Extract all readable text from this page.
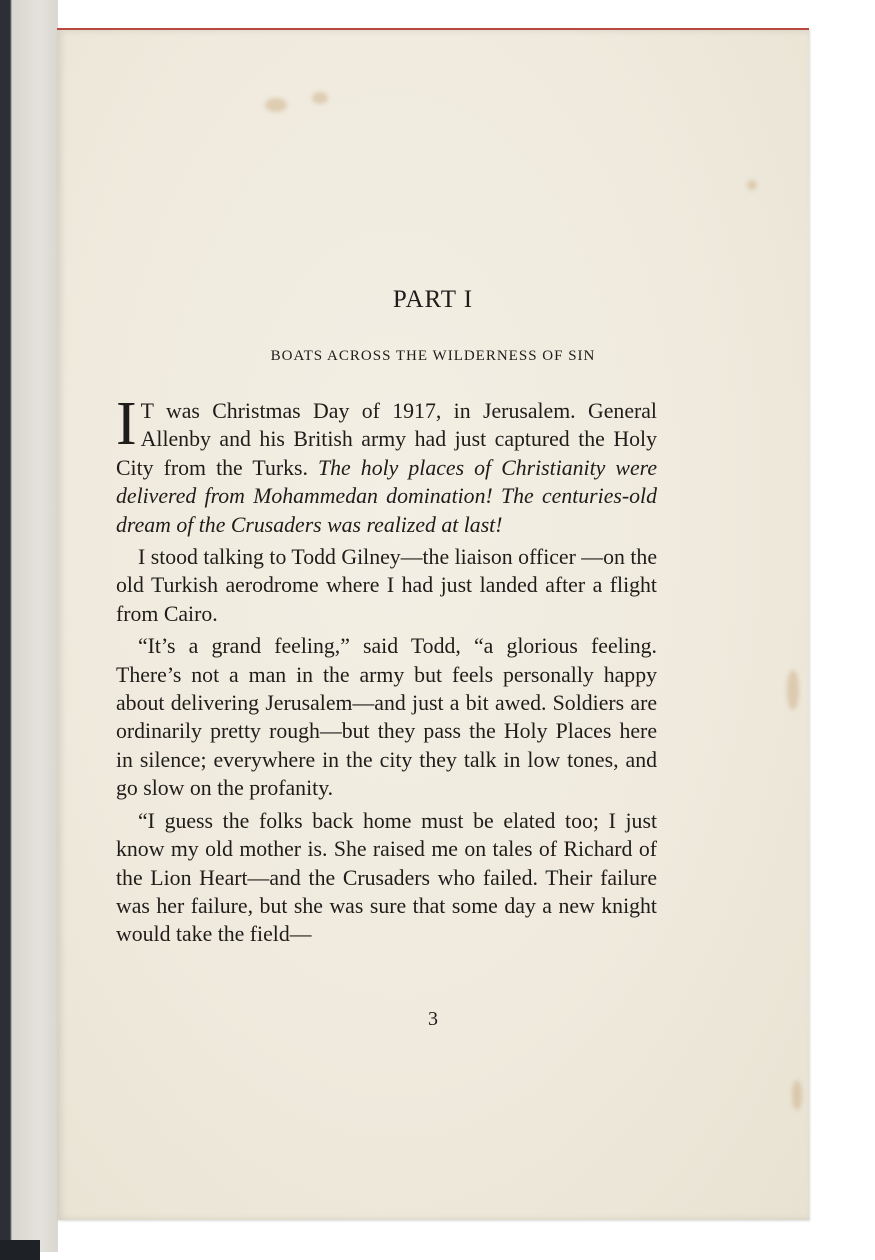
PART I
BOATS ACROSS THE WILDERNESS OF SIN

I T was Christmas Day of 1917, in Jerusalem. General Allenby and his British army had just captured the Holy City from the Turks. The holy places of Christianity were delivered from Mohammedan domination! The centuries-old dream of the Crusaders was realized at last!

I stood talking to Todd Gilney—the liaison officer —on the old Turkish aerodrome where I had just landed after a flight from Cairo.

“It’s a grand feeling,” said Todd, “a glorious feeling. There’s not a man in the army but feels personally happy about delivering Jerusalem—and just a bit awed. Soldiers are ordinarily pretty rough—but they pass the Holy Places here in silence; everywhere in the city they talk in low tones, and go slow on the profanity.

“I guess the folks back home must be elated too; I just know my old mother is. She raised me on tales of Richard of the Lion Heart—and the Crusaders who failed. Their failure was her failure, but she was sure that some day a new knight would take the field—

3
